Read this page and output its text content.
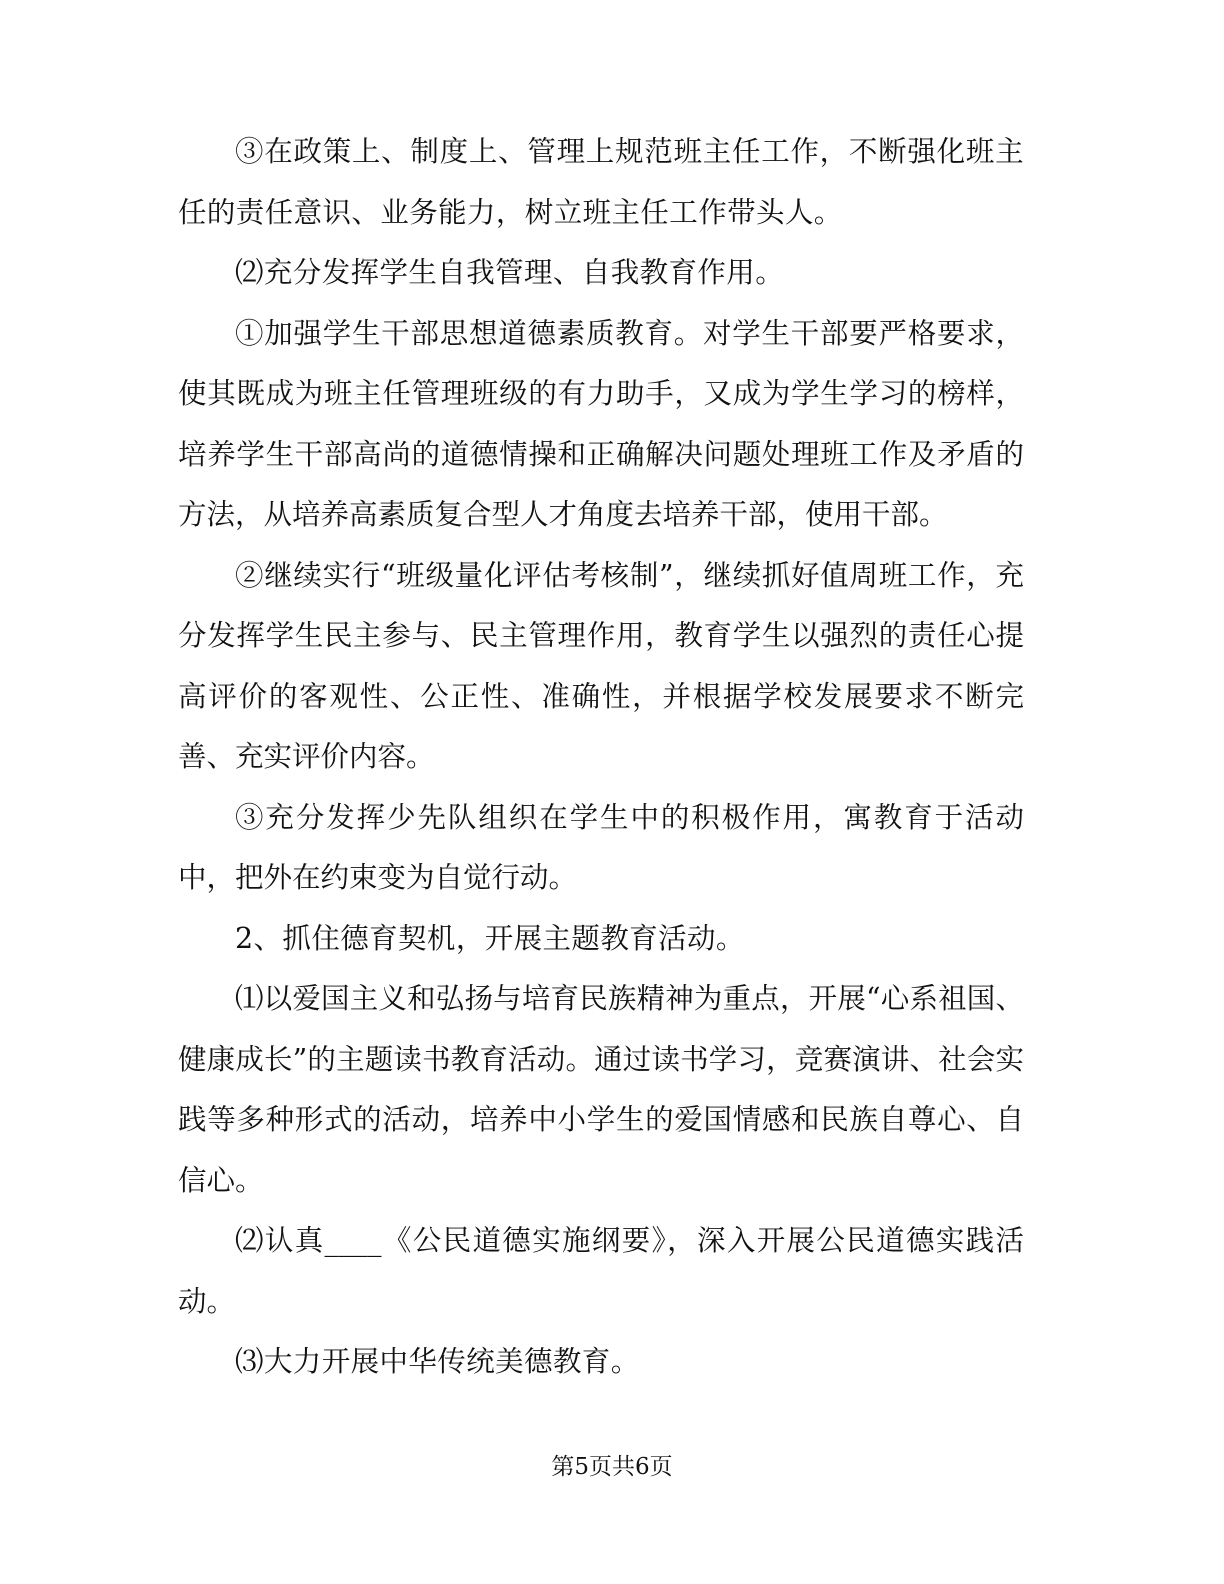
③在政策上、制度上、管理上规范班主任工作，不断强化班主任的责任意识、业务能力，树立班主任工作带头人。

⑵充分发挥学生自我管理、自我教育作用。

①加强学生干部思想道德素质教育。对学生干部要严格要求，使其既成为班主任管理班级的有力助手，又成为学生学习的榜样，培养学生干部高尚的道德情操和正确解决问题处理班工作及矛盾的方法，从培养高素质复合型人才角度去培养干部，使用干部。

②继续实行“班级量化评估考核制”，继续抓好值周班工作，充分发挥学生民主参与、民主管理作用，教育学生以强烈的责任心提高评价的客观性、公正性、准确性，并根据学校发展要求不断完善、充实评价内容。

③充分发挥少先队组织在学生中的积极作用，寓教育于活动中，把外在约束变为自觉行动。

2、抓住德育契机，开展主题教育活动。

⑴以爱国主义和弘扬与培育民族精神为重点，开展“心系祖国、健康成长”的主题读书教育活动。通过读书学习，竞赛演讲、社会实践等多种形式的活动，培养中小学生的爱国情感和民族自尊心、自信心。

⑵认真____《公民道德实施纲要》，深入开展公民道德实践活动。

⑶大力开展中华传统美德教育。

第5页共6页
